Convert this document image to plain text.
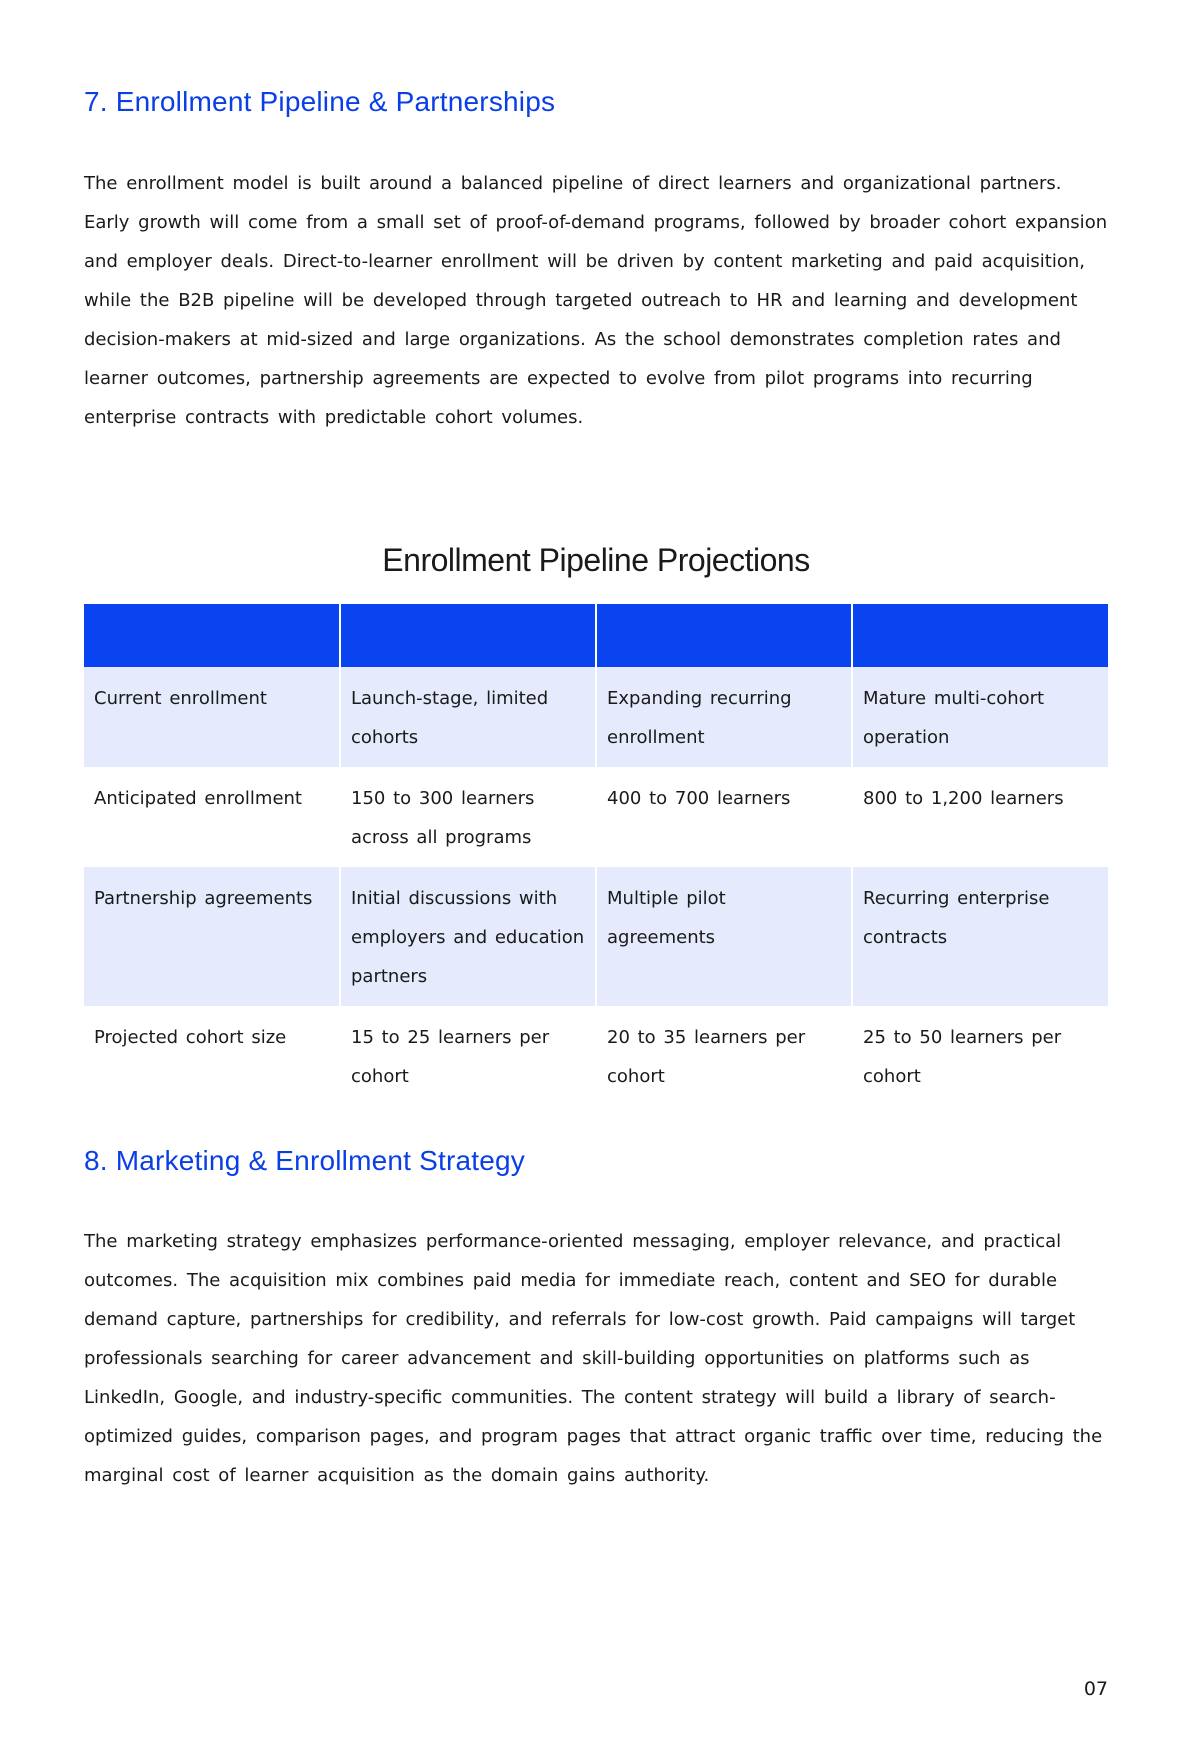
7. Enrollment Pipeline & Partnerships

The enrollment model is built around a balanced pipeline of direct learners and organizational partners. Early growth will come from a small set of proof-of-demand programs, followed by broader cohort expansion and employer deals. Direct-to-learner enrollment will be driven by content marketing and paid acquisition, while the B2B pipeline will be developed through targeted outreach to HR and learning and development decision-makers at mid-sized and large organizations. As the school demonstrates completion rates and learner outcomes, partnership agreements are expected to evolve from pilot programs into recurring enterprise contracts with predictable cohort volumes.

Enrollment Pipeline Projections

Current enrollment	Launch-stage, limited cohorts	Expanding recurring enrollment	Mature multi-cohort operation
Anticipated enrollment	150 to 300 learners across all programs	400 to 700 learners	800 to 1,200 learners
Partnership agreements	Initial discussions with employers and education partners	Multiple pilot agreements	Recurring enterprise contracts
Projected cohort size	15 to 25 learners per cohort	20 to 35 learners per cohort	25 to 50 learners per cohort
8. Marketing & Enrollment Strategy

The marketing strategy emphasizes performance-oriented messaging, employer relevance, and practical outcomes. The acquisition mix combines paid media for immediate reach, content and SEO for durable demand capture, partnerships for credibility, and referrals for low-cost growth. Paid campaigns will target professionals searching for career advancement and skill-building opportunities on platforms such as LinkedIn, Google, and industry-specific communities. The content strategy will build a library of search-optimized guides, comparison pages, and program pages that attract organic traffic over time, reducing the marginal cost of learner acquisition as the domain gains authority.

07
